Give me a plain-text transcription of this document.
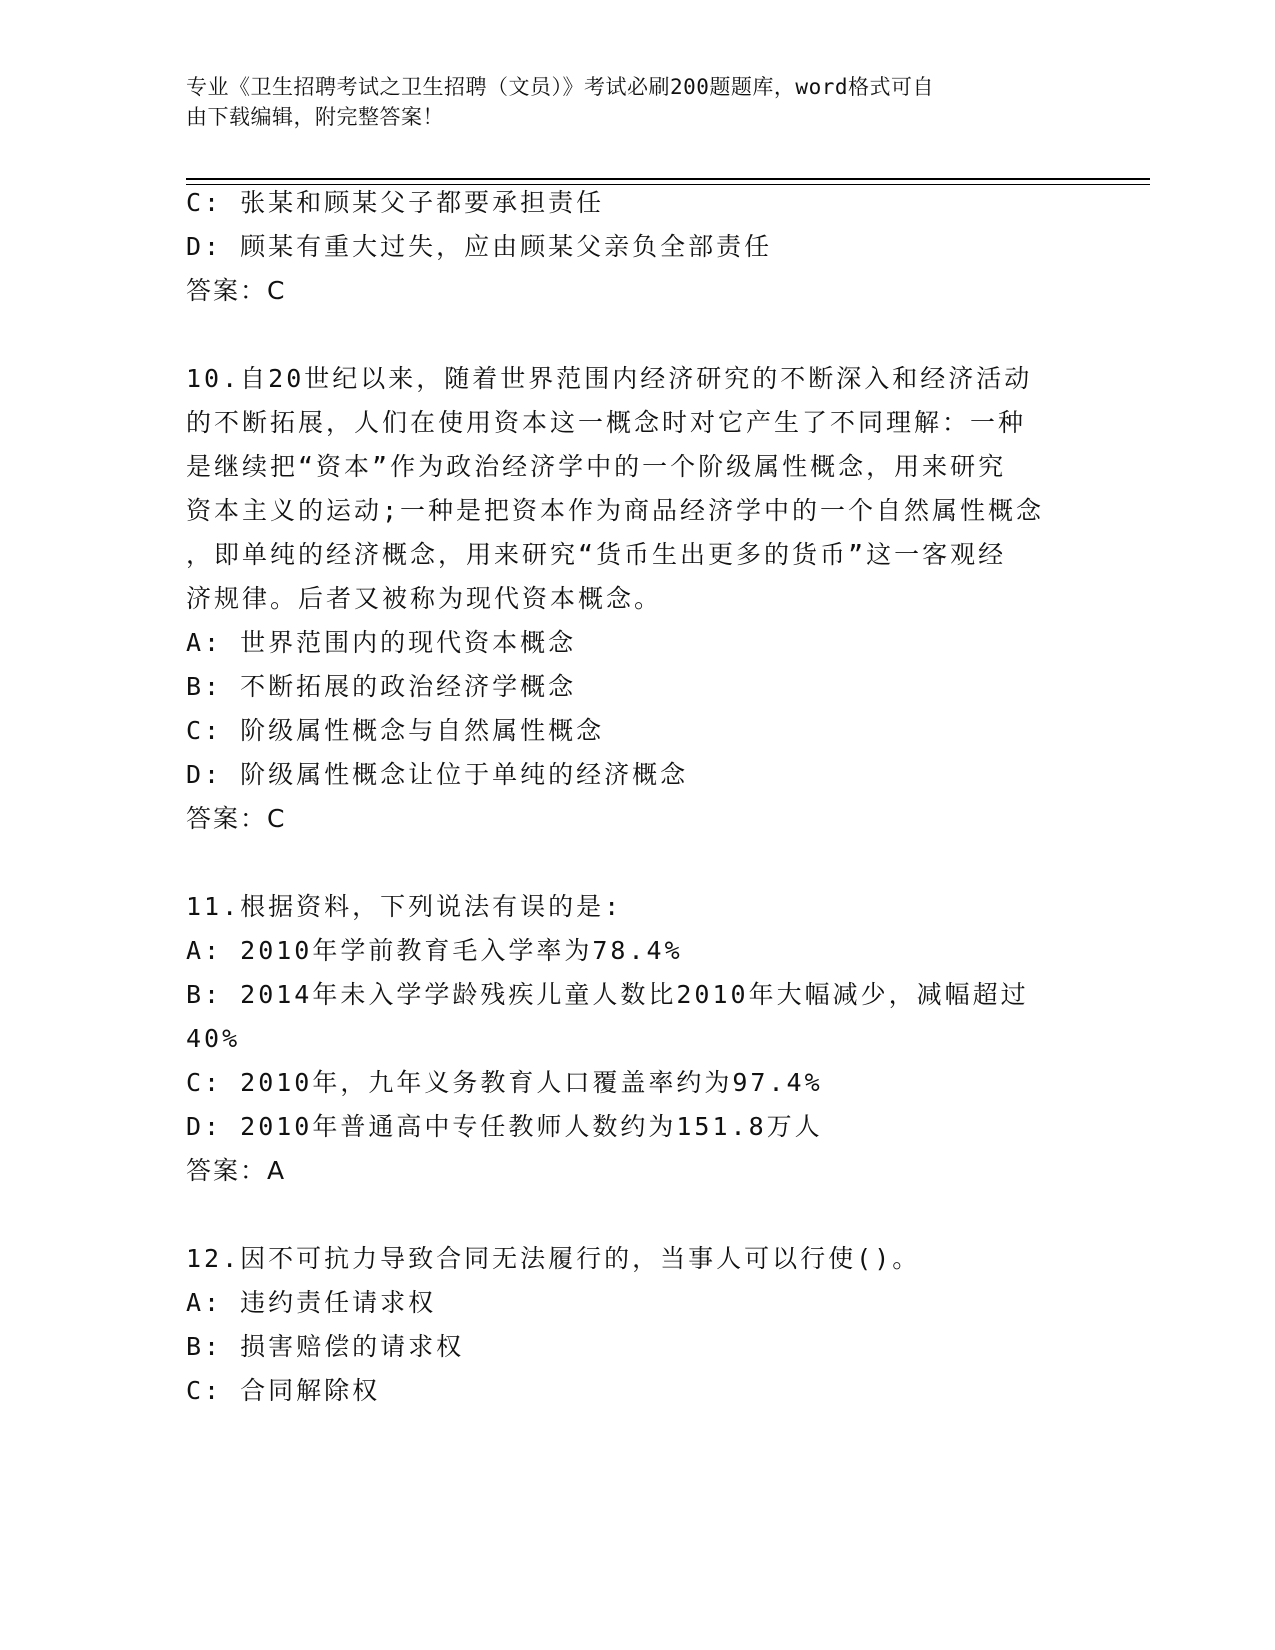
专业《卫生招聘考试之卫生招聘（文员）》考试必刷200题题库，word格式可自
由下载编辑，附完整答案！
C: 张某和顾某父子都要承担责任
D: 顾某有重大过失，应由顾某父亲负全部责任
答案：C
10.自20世纪以来，随着世界范围内经济研究的不断深入和经济活动
的不断拓展，人们在使用资本这一概念时对它产生了不同理解：一种
是继续把“资本”作为政治经济学中的一个阶级属性概念，用来研究
资本主义的运动;一种是把资本作为商品经济学中的一个自然属性概念
，即单纯的经济概念，用来研究“货币生出更多的货币”这一客观经
济规律。后者又被称为现代资本概念。
A: 世界范围内的现代资本概念
B: 不断拓展的政治经济学概念
C: 阶级属性概念与自然属性概念
D: 阶级属性概念让位于单纯的经济概念
答案：C
11.根据资料，下列说法有误的是:
A: 2010年学前教育毛入学率为78.4%
B: 2014年未入学学龄残疾儿童人数比2010年大幅减少，减幅超过
40%
C: 2010年，九年义务教育人口覆盖率约为97.4%
D: 2010年普通高中专任教师人数约为151.8万人
答案：A
12.因不可抗力导致合同无法履行的，当事人可以行使()。
A: 违约责任请求权
B: 损害赔偿的请求权
C: 合同解除权
